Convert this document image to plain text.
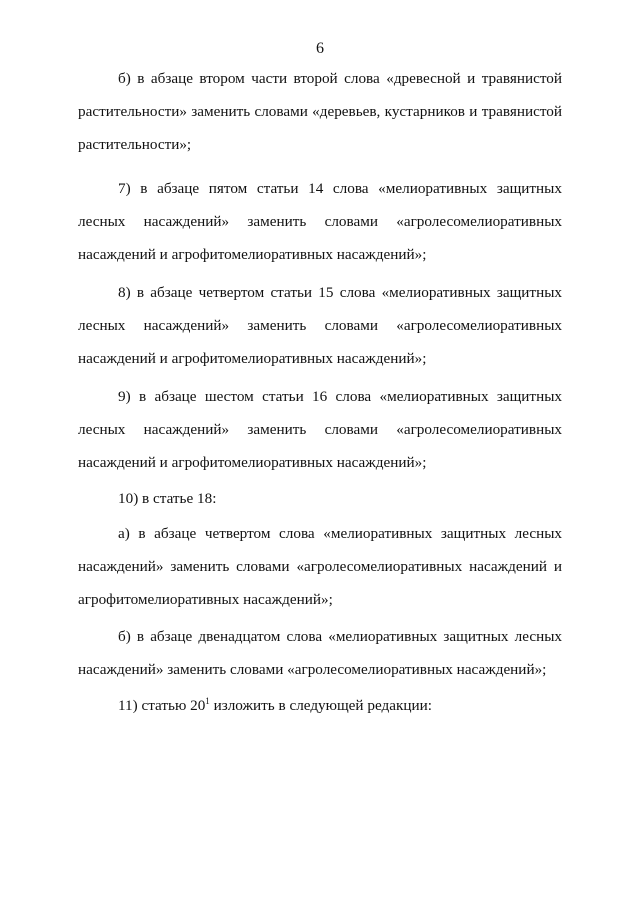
6

б) в абзаце втором части второй слова «древесной и травянистой растительности» заменить словами «деревьев, кустарников и травянистой растительности»;

7) в абзаце пятом статьи 14 слова «мелиоративных защитных лесных насаждений» заменить словами «агролесомелиоративных насаждений и агрофитомелиоративных насаждений»;

8) в абзаце четвертом статьи 15 слова «мелиоративных защитных лесных насаждений» заменить словами «агролесомелиоративных насаждений и агрофитомелиоративных насаждений»;

9) в абзаце шестом статьи 16 слова «мелиоративных защитных лесных насаждений» заменить словами «агролесомелиоративных насаждений и агрофитомелиоративных насаждений»;

10) в статье 18:

а) в абзаце четвертом слова «мелиоративных защитных лесных насаждений» заменить словами «агролесомелиоративных насаждений и агрофитомелиоративных насаждений»;

б) в абзаце двенадцатом слова «мелиоративных защитных лесных насаждений» заменить словами «агролесомелиоративных насаждений»;

11) статью $20^1$ изложить в следующей редакции:
